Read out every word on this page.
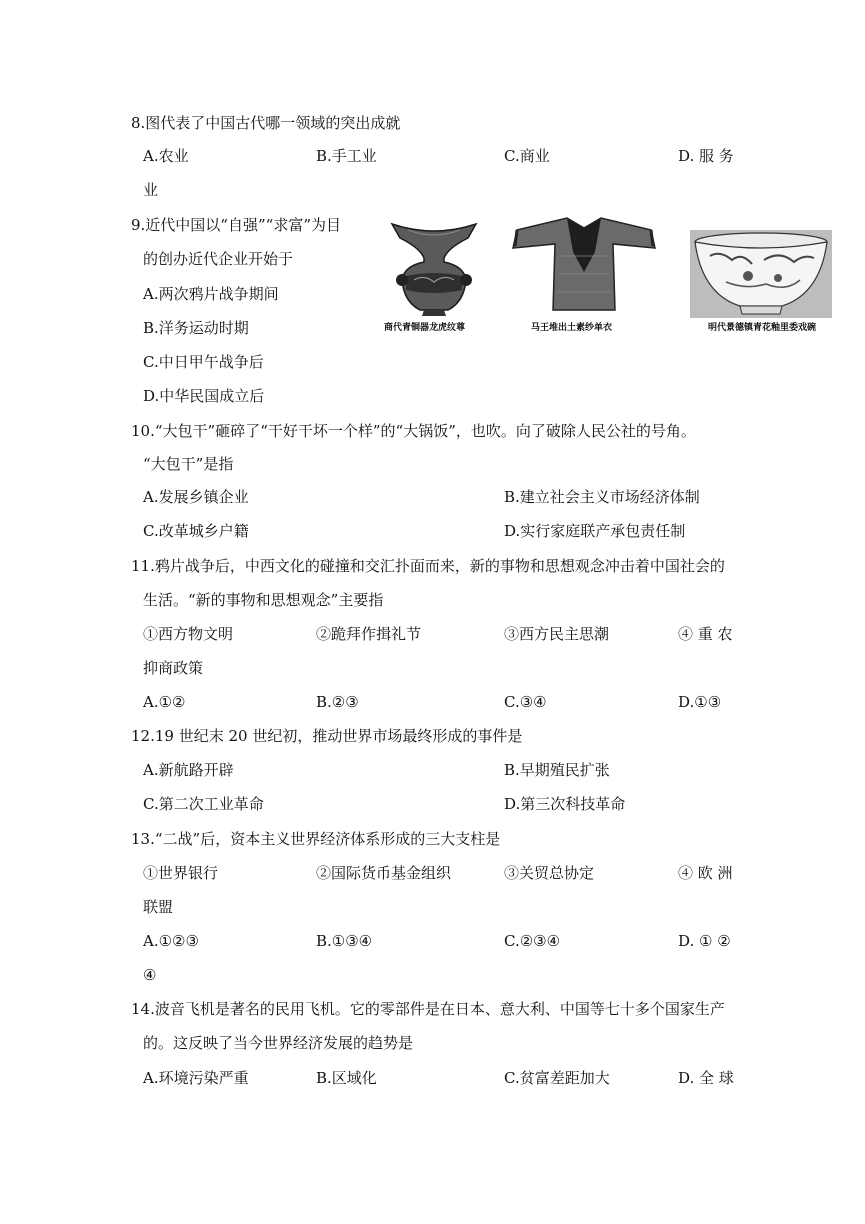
8.图代表了中国古代哪一领域的突出成就
A.农业	B.手工业	C.商业	D. 服 务
业
9.近代中国以“自强”“求富”为目
的创办近代企业开始于
A.两次鸦片战争期间
B.洋务运动时期
C.中日甲午战争后
D.中华民国成立后
商代青铜器龙虎纹尊	马王堆出土素纱单衣	明代景德镇青花釉里委戏碗
10.“大包干”砸碎了“干好干坏一个样”的“大锅饭”，也吹。向了破除人民公社的号角。
“大包干”是指
A.发展乡镇企业	B.建立社会主义市场经济体制
C.改革城乡户籍	D.实行家庭联产承包责任制
11.鸦片战争后，中西文化的碰撞和交汇扑面而来，新的事物和思想观念冲击着中国社会的
生活。“新的事物和思想观念”主要指
①西方物文明	②跪拜作揖礼节	③西方民主思潮	④ 重 农
抑商政策
A.①②	B.②③	C.③④	D.①③
12.19 世纪末 20 世纪初，推动世界市场最终形成的事件是
A.新航路开辟	B.早期殖民扩张
C.第二次工业革命	D.第三次科技革命
13.“二战”后，资本主义世界经济体系形成的三大支柱是
①世界银行	②国际货币基金组织	③关贸总协定	④ 欧 洲
联盟
A.①②③	B.①③④	C.②③④	D. ① ②
④
14.波音飞机是著名的民用飞机。它的零部件是在日本、意大利、中国等七十多个国家生产
的。这反映了当今世界经济发展的趋势是
A.环境污染严重	B.区域化	C.贫富差距加大	D. 全 球
